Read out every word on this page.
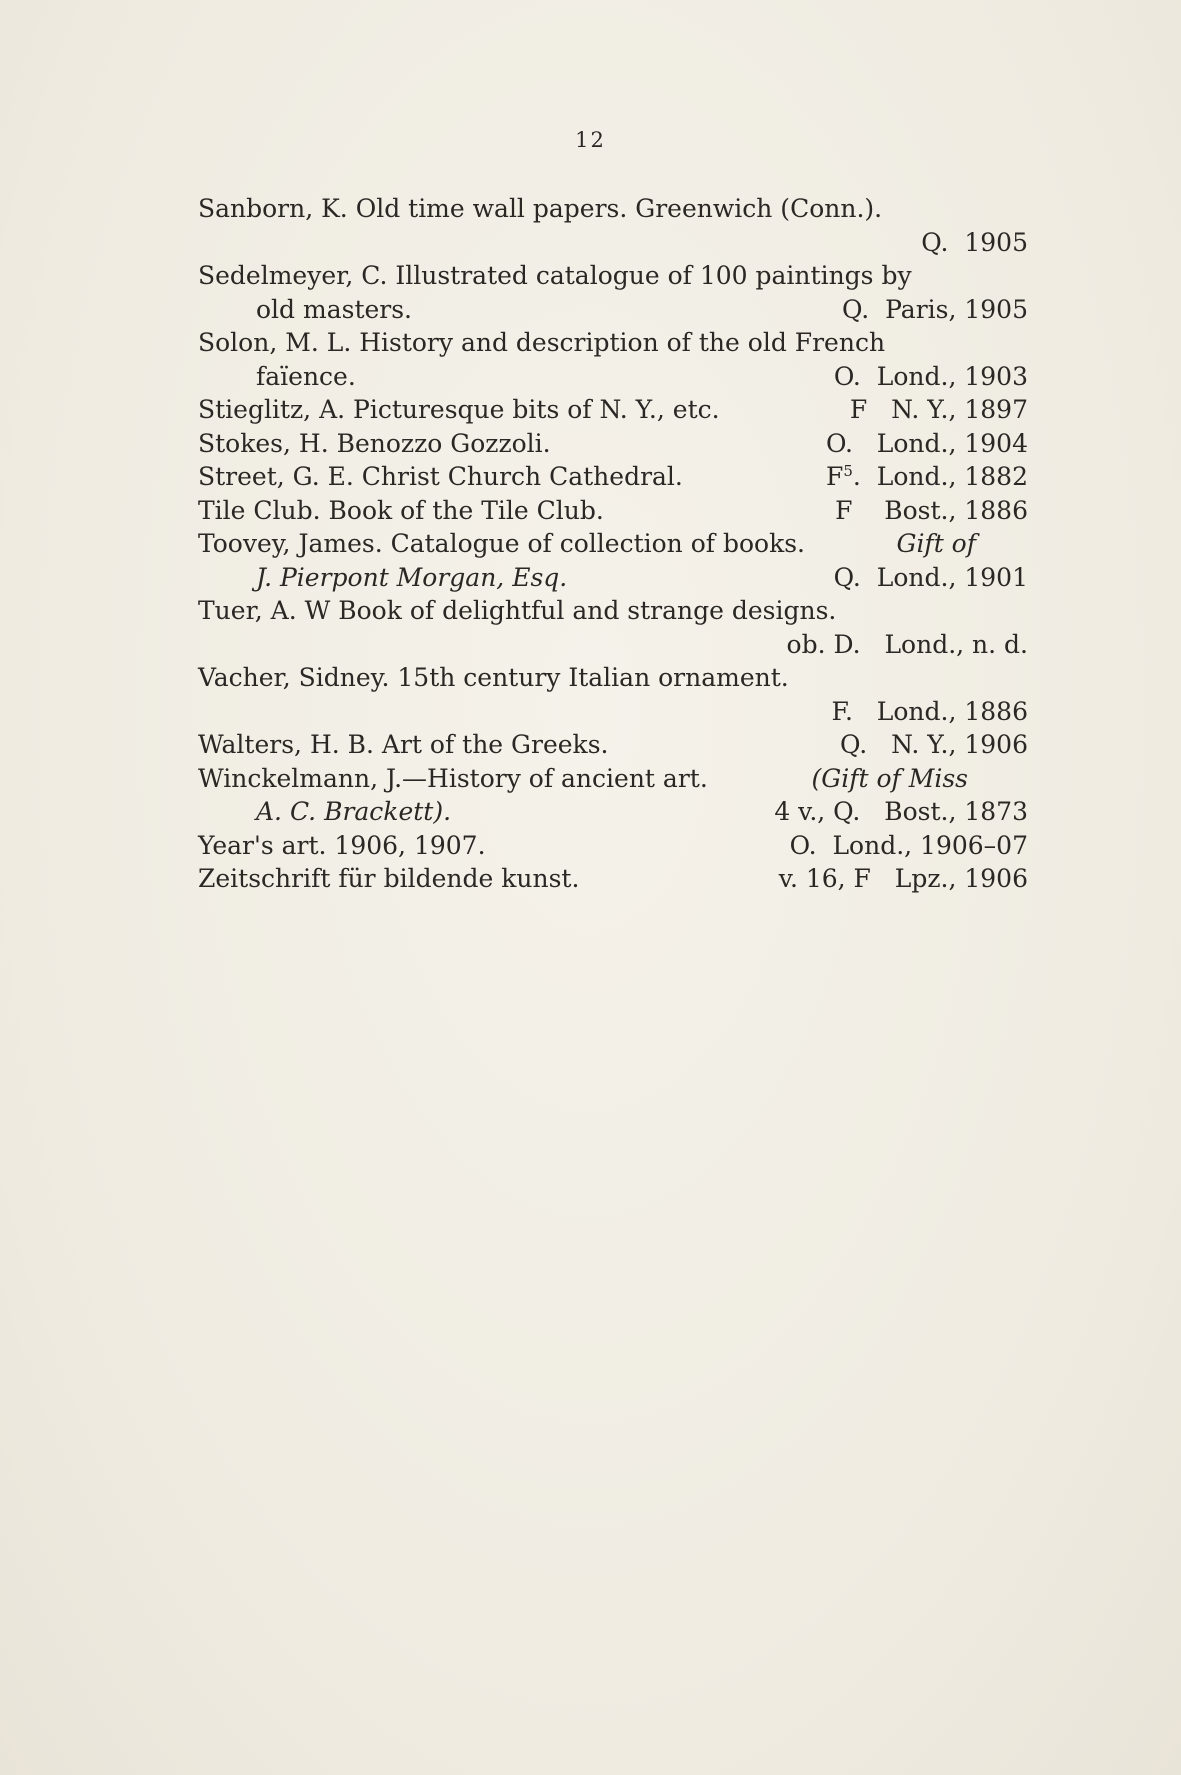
12
Sanborn, K. Old time wall papers. Greenwich (Conn.).
Q. 1905
Sedelmeyer, C. Illustrated catalogue of 100 paintings by
old masters.	Q. Paris, 1905
Solon, M. L. History and description of the old French
faïence.	O. Lond., 1903
Stieglitz, A. Picturesque bits of N. Y., etc.	F N. Y., 1897
Stokes, H. Benozzo Gozzoli.	O. Lond., 1904
Street, G. E. Christ Church Cathedral.	$F^5$. Lond., 1882
Tile Club. Book of the Tile Club.	F Bost., 1886
Toovey, James. Catalogue of collection of books.	Gift of
J. Pierpont Morgan, Esq.	Q. Lond., 1901
Tuer, A. W Book of delightful and strange designs.
ob. D. Lond., n. d.
Vacher, Sidney. 15th century Italian ornament.
F. Lond., 1886
Walters, H. B. Art of the Greeks.	Q. N. Y., 1906
Winckelmann, J.—History of ancient art.	(Gift of Miss
A. C. Brackett).	4 v., Q. Bost., 1873
Year's art. 1906, 1907.	O. Lond., 1906–07
Zeitschrift für bildende kunst.	v. 16, F Lpz., 1906
